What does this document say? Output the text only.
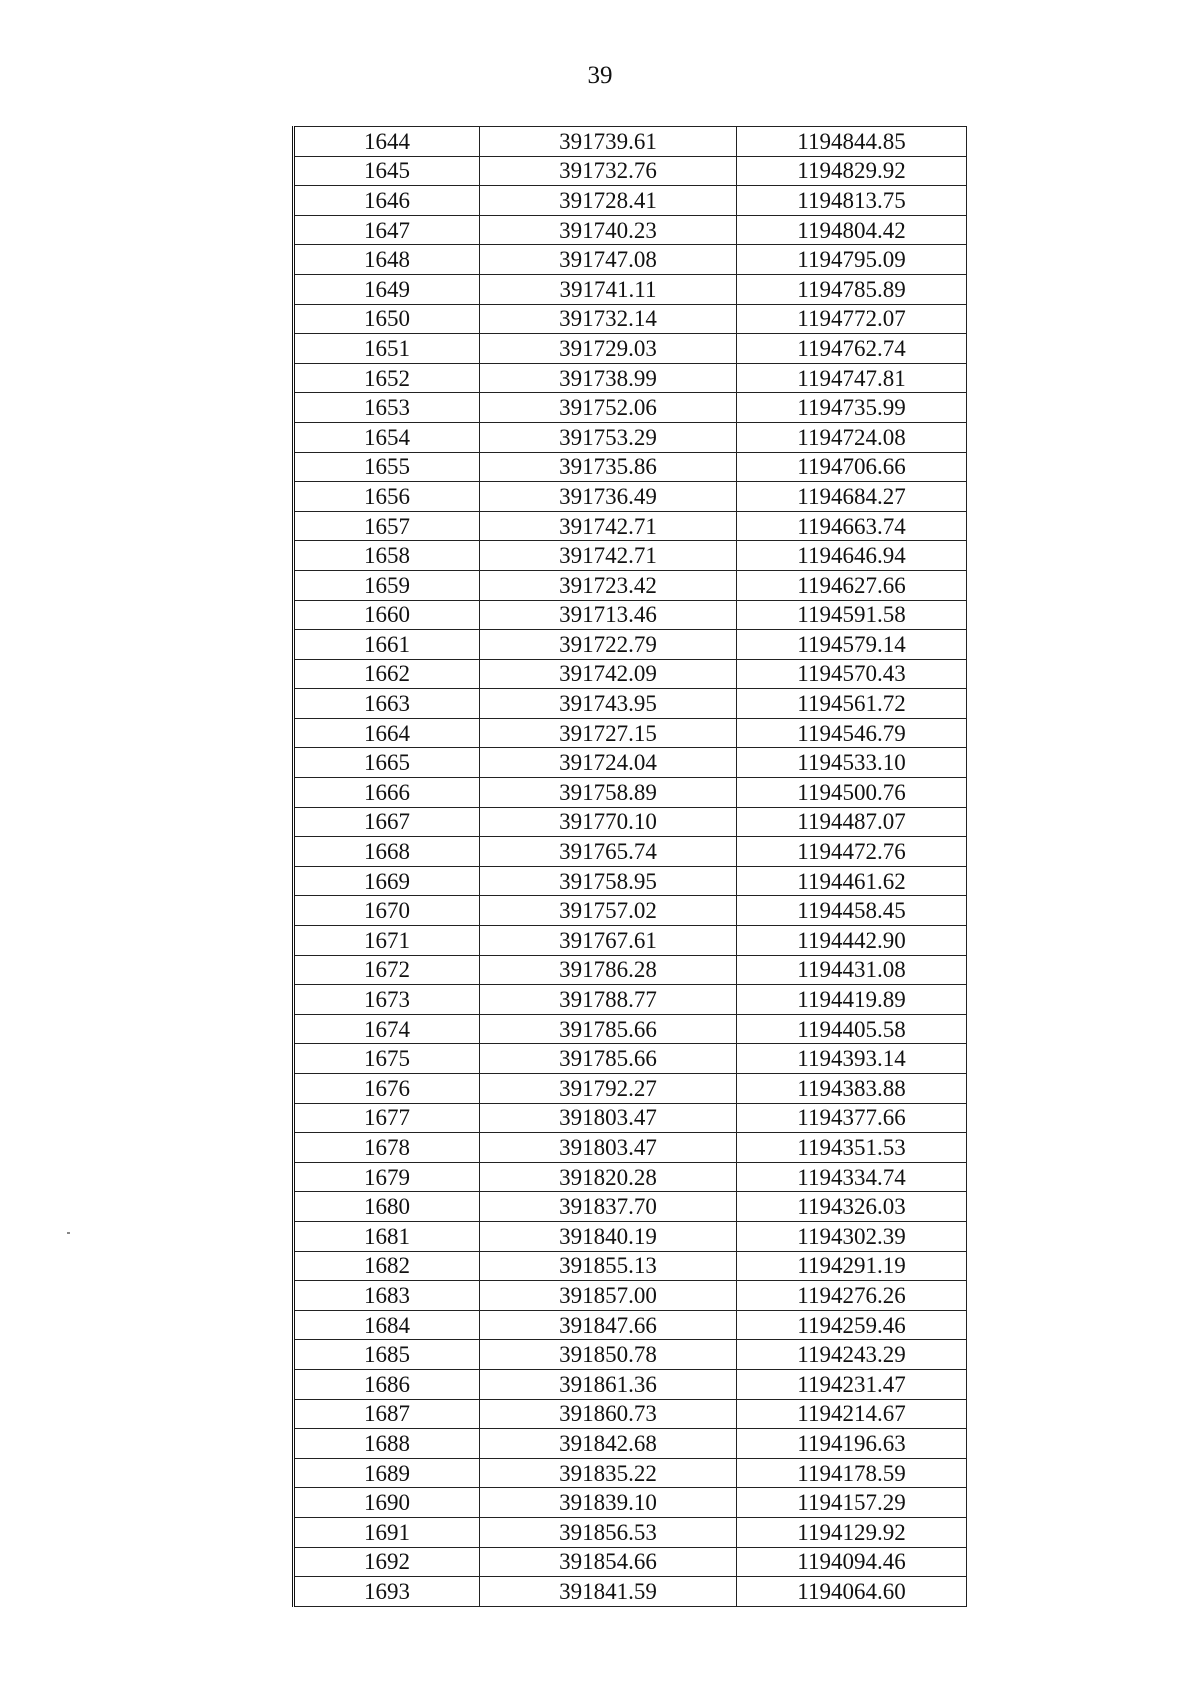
39
1644	391739.61	1194844.85
1645	391732.76	1194829.92
1646	391728.41	1194813.75
1647	391740.23	1194804.42
1648	391747.08	1194795.09
1649	391741.11	1194785.89
1650	391732.14	1194772.07
1651	391729.03	1194762.74
1652	391738.99	1194747.81
1653	391752.06	1194735.99
1654	391753.29	1194724.08
1655	391735.86	1194706.66
1656	391736.49	1194684.27
1657	391742.71	1194663.74
1658	391742.71	1194646.94
1659	391723.42	1194627.66
1660	391713.46	1194591.58
1661	391722.79	1194579.14
1662	391742.09	1194570.43
1663	391743.95	1194561.72
1664	391727.15	1194546.79
1665	391724.04	1194533.10
1666	391758.89	1194500.76
1667	391770.10	1194487.07
1668	391765.74	1194472.76
1669	391758.95	1194461.62
1670	391757.02	1194458.45
1671	391767.61	1194442.90
1672	391786.28	1194431.08
1673	391788.77	1194419.89
1674	391785.66	1194405.58
1675	391785.66	1194393.14
1676	391792.27	1194383.88
1677	391803.47	1194377.66
1678	391803.47	1194351.53
1679	391820.28	1194334.74
1680	391837.70	1194326.03
1681	391840.19	1194302.39
1682	391855.13	1194291.19
1683	391857.00	1194276.26
1684	391847.66	1194259.46
1685	391850.78	1194243.29
1686	391861.36	1194231.47
1687	391860.73	1194214.67
1688	391842.68	1194196.63
1689	391835.22	1194178.59
1690	391839.10	1194157.29
1691	391856.53	1194129.92
1692	391854.66	1194094.46
1693	391841.59	1194064.60
